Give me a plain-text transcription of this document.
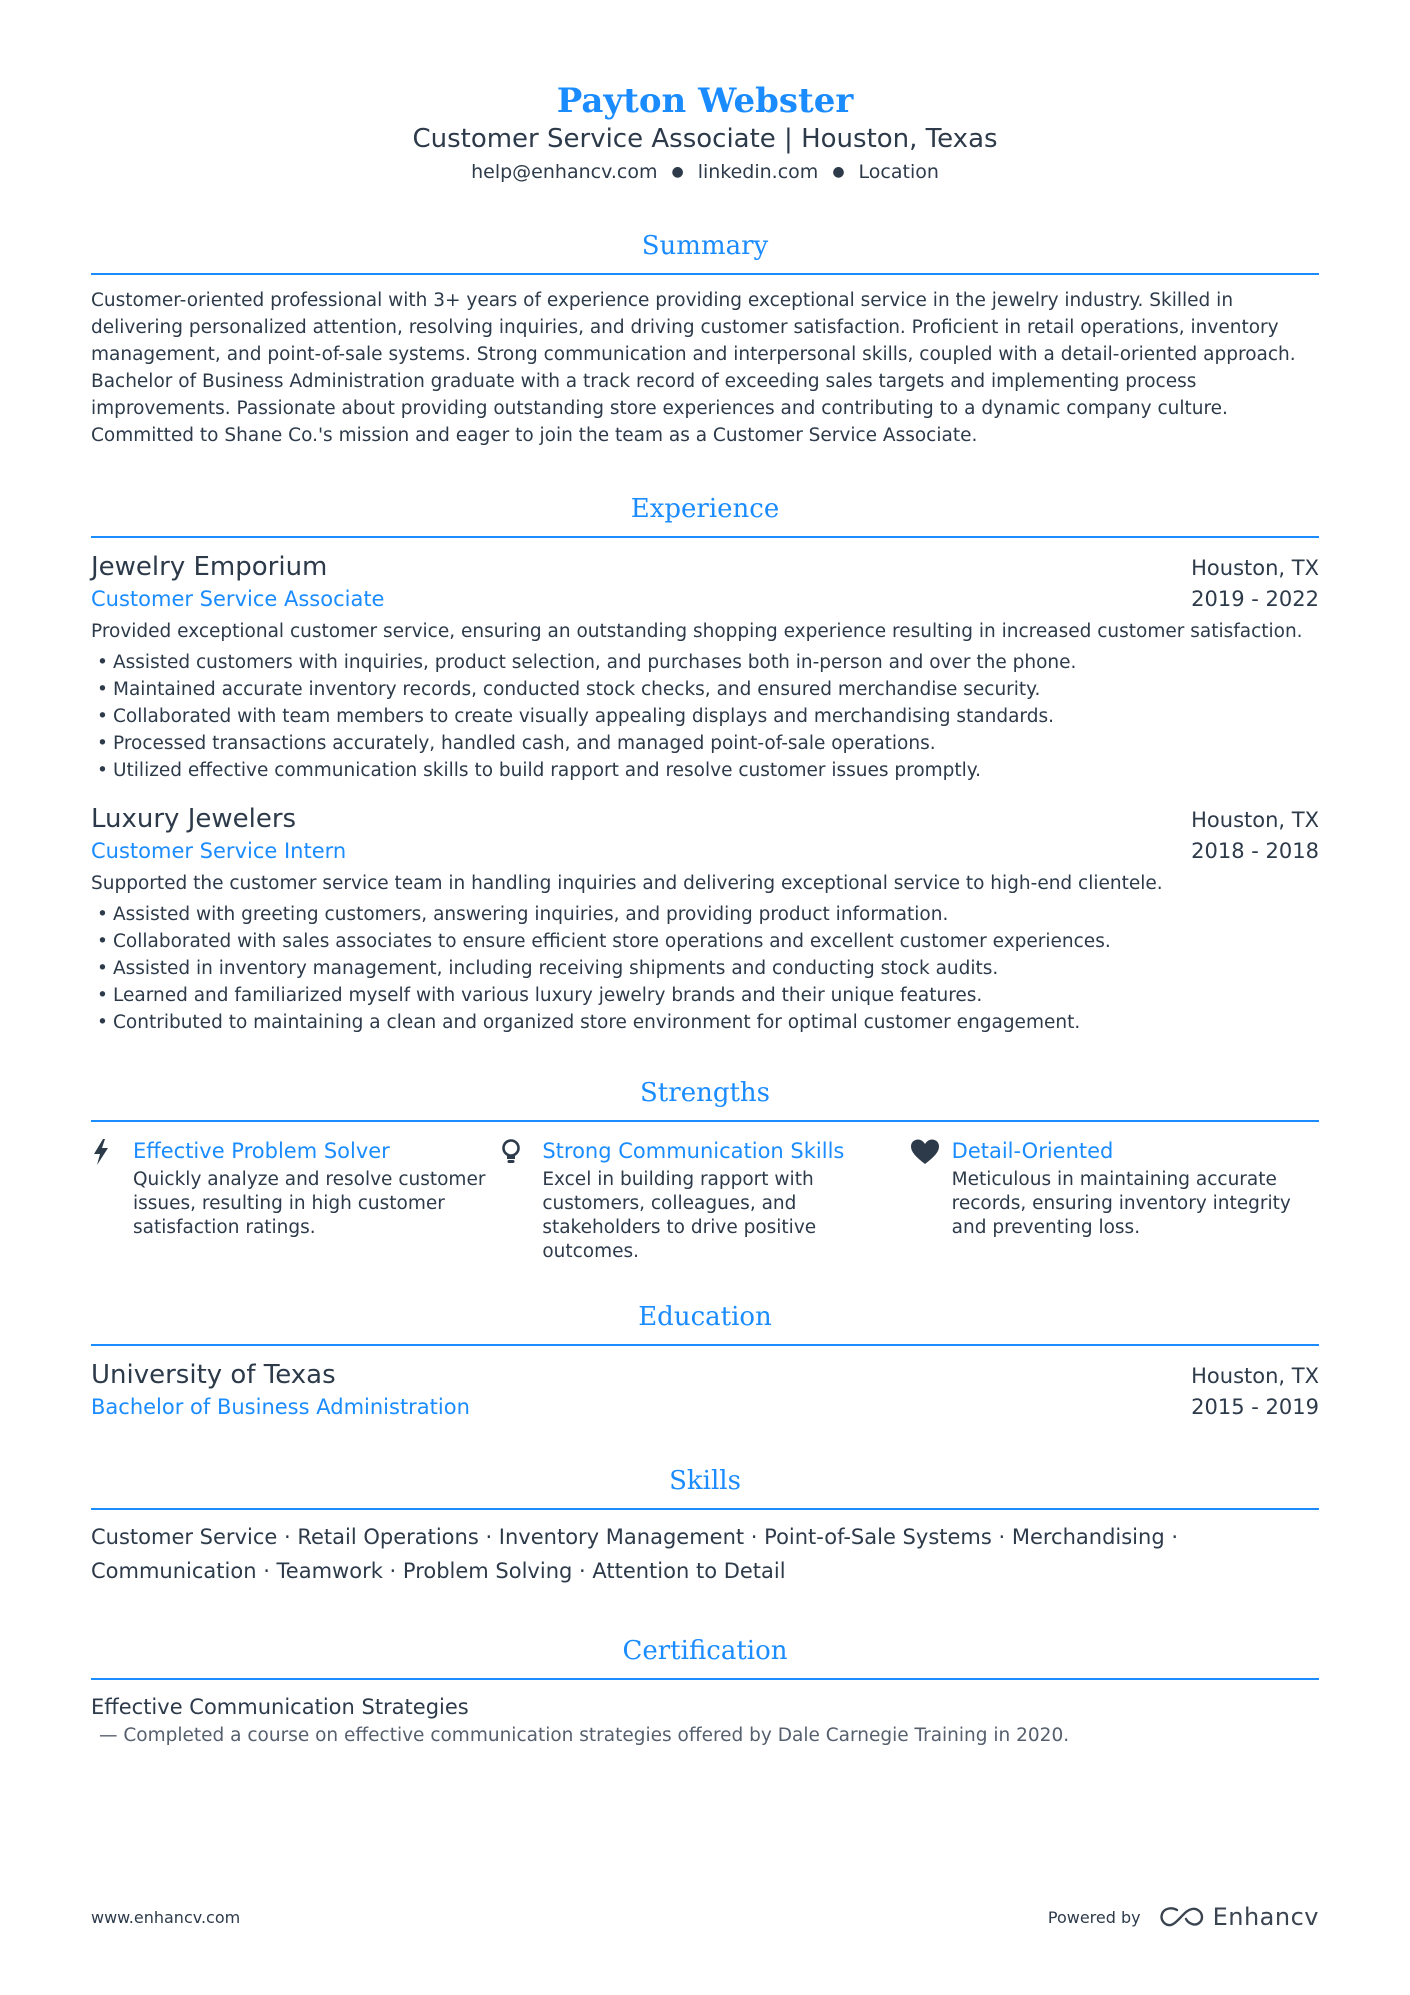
Payton Webster
Customer Service Associate | Houston, Texas
help@enhancv.com ● linkedin.com ● Location
Summary
Customer-oriented professional with 3+ years of experience providing exceptional service in the jewelry industry. Skilled in delivering personalized attention, resolving inquiries, and driving customer satisfaction. Proficient in retail operations, inventory management, and point-of-sale systems. Strong communication and interpersonal skills, coupled with a detail-oriented approach. Bachelor of Business Administration graduate with a track record of exceeding sales targets and implementing process improvements. Passionate about providing outstanding store experiences and contributing to a dynamic company culture. Committed to Shane Co.'s mission and eager to join the team as a Customer Service Associate.
Experience
Jewelry Emporium	Houston, TX
Customer Service Associate	2019 - 2022
Provided exceptional customer service, ensuring an outstanding shopping experience resulting in increased customer satisfaction.
• Assisted customers with inquiries, product selection, and purchases both in-person and over the phone.
• Maintained accurate inventory records, conducted stock checks, and ensured merchandise security.
• Collaborated with team members to create visually appealing displays and merchandising standards.
• Processed transactions accurately, handled cash, and managed point-of-sale operations.
• Utilized effective communication skills to build rapport and resolve customer issues promptly.
Luxury Jewelers	Houston, TX
Customer Service Intern	2018 - 2018
Supported the customer service team in handling inquiries and delivering exceptional service to high-end clientele.
• Assisted with greeting customers, answering inquiries, and providing product information.
• Collaborated with sales associates to ensure efficient store operations and excellent customer experiences.
• Assisted in inventory management, including receiving shipments and conducting stock audits.
• Learned and familiarized myself with various luxury jewelry brands and their unique features.
• Contributed to maintaining a clean and organized store environment for optimal customer engagement.
Strengths
Effective Problem Solver
Quickly analyze and resolve customer issues, resulting in high customer satisfaction ratings.
Strong Communication Skills
Excel in building rapport with customers, colleagues, and stakeholders to drive positive outcomes.
Detail-Oriented
Meticulous in maintaining accurate records, ensuring inventory integrity and preventing loss.
Education
University of Texas	Houston, TX
Bachelor of Business Administration	2015 - 2019
Skills
Customer Service · Retail Operations · Inventory Management · Point-of-Sale Systems · Merchandising ·
Communication · Teamwork · Problem Solving · Attention to Detail
Certification
Effective Communication Strategies
— Completed a course on effective communication strategies offered by Dale Carnegie Training in 2020.
www.enhancv.com	Powered by	Enhancv
